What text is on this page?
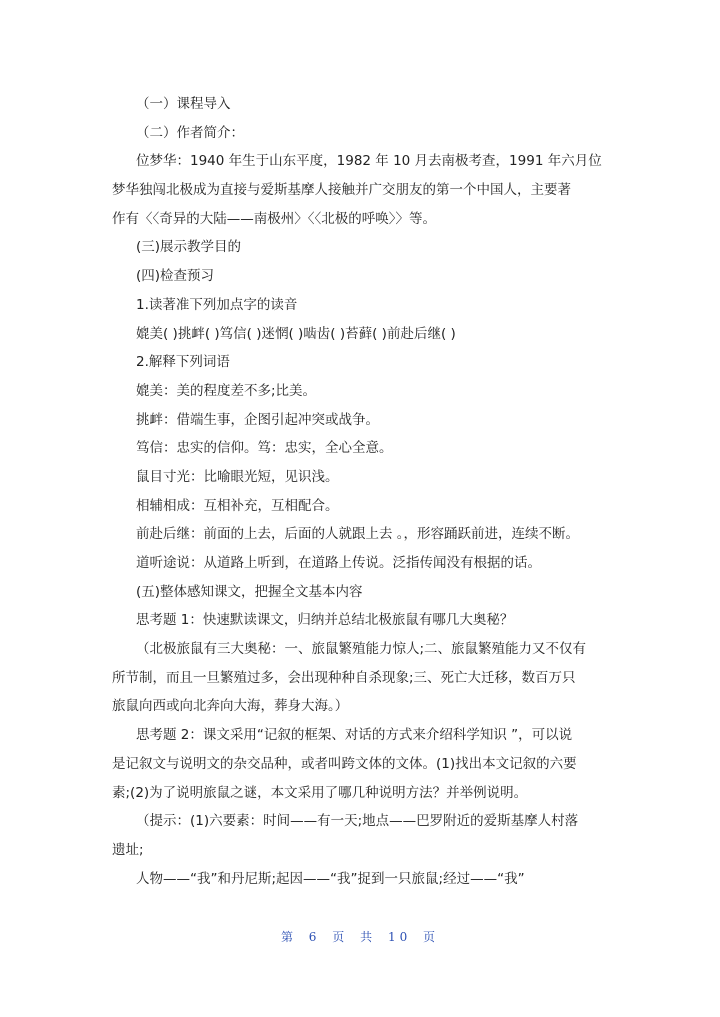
（一）课程导入
（二）作者简介：
位梦华：1940 年生于山东平度，1982 年 10 月去南极考查，1991 年六月位
梦华独闯北极成为直接与爱斯基摩人接触并广交朋友的第一个中国人，主要著
作有〈〈奇异的大陆——南极州〉〈〈北极的呼唤〉〉等。
(三)展示教学目的
(四)检查预习
1.读著准下列加点字的读音
媲美( )挑衅( )笃信( )迷惘( )啮齿( )苔藓( )前赴后继( )
2.解释下列词语
媲美：美的程度差不多;比美。
挑衅：借端生事，企图引起冲突或战争。
笃信：忠实的信仰。笃：忠实，全心全意。
鼠目寸光：比喻眼光短，见识浅。
相辅相成：互相补充，互相配合。
前赴后继：前面的上去，后面的人就跟上去 。，形容踊跃前进，连续不断。
道听途说：从道路上听到，在道路上传说。泛指传闻没有根据的话。
(五)整体感知课文，把握全文基本内容
思考题 1：快速默读课文，归纳并总结北极旅鼠有哪几大奥秘？
（北极旅鼠有三大奥秘：一、旅鼠繁殖能力惊人;二、旅鼠繁殖能力又不仅有
所节制，而且一旦繁殖过多，会出现种种自杀现象;三、死亡大迁移，数百万只
旅鼠向西或向北奔向大海，葬身大海。）
思考题 2：课文采用“记叙的框架、对话的方式来介绍科学知识 ”，可以说
是记叙文与说明文的杂交品种，或者叫跨文体的文体。(1)找出本文记叙的六要
素;(2)为了说明旅鼠之谜，本文采用了哪几种说明方法？并举例说明。
（提示：(1)六要素：时间——有一天;地点——巴罗附近的爱斯基摩人村落
遗址;
人物——“我”和丹尼斯;起因——“我”捉到一只旅鼠;经过——“我”
第 6 页 共 10 页
